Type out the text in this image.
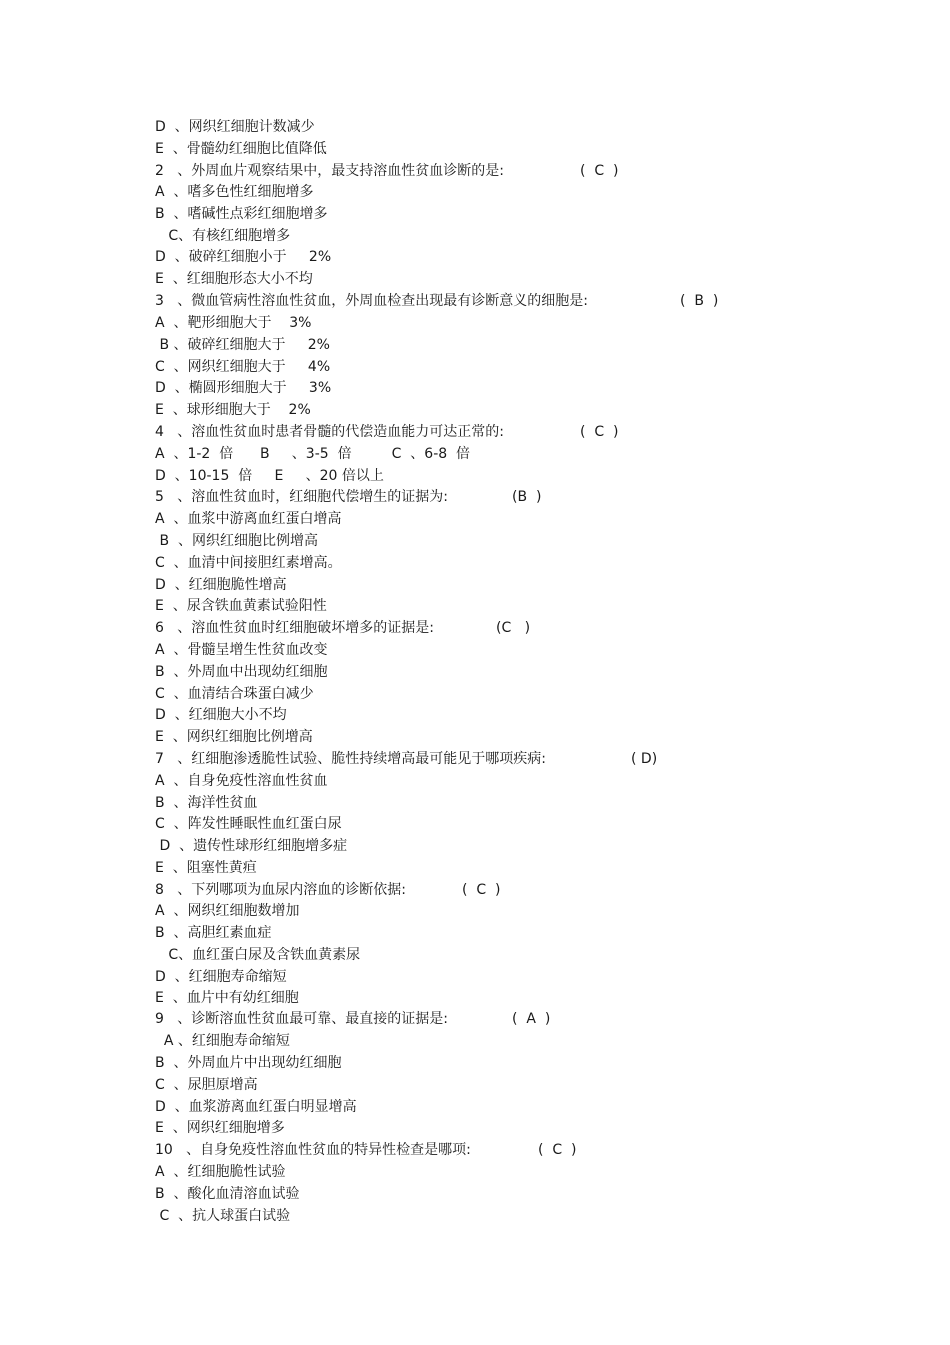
D  、网织红细胞计数减少
E  、骨髓幼红细胞比值降低
2   、外周血片观察结果中，最支持溶血性贫血诊断的是:	(  C  )
A  、嗜多色性红细胞增多
B  、嗜碱性点彩红细胞增多
C、有核红细胞增多
D  、破碎红细胞小于     2%
E  、红细胞形态大小不均
3   、微血管病性溶血性贫血，外周血检查出现最有诊断意义的细胞是:	(  B  )
A  、靶形细胞大于    3%
B 、破碎红细胞大于     2%
C  、网织红细胞大于     4%
D  、椭圆形细胞大于     3%
E  、球形细胞大于    2%
4   、溶血性贫血时患者骨髓的代偿造血能力可达正常的:	(  C  )
A  、1-2  倍      B     、3-5  倍         C  、6-8  倍
D  、10-15  倍     E     、20 倍以上
5   、溶血性贫血时，红细胞代偿增生的证据为:	(B  )
A  、血浆中游离血红蛋白增高
B  、网织红细胞比例增高
C  、血清中间接胆红素增高。
D  、红细胞脆性增高
E  、尿含铁血黄素试验阳性
6   、溶血性贫血时红细胞破坏增多的证据是:	(C   )
A  、骨髓呈增生性贫血改变
B  、外周血中出现幼红细胞
C  、血清结合珠蛋白减少
D  、红细胞大小不均
E  、网织红细胞比例增高
7   、红细胞渗透脆性试验、脆性持续增高最可能见于哪项疾病:	( D)
A  、自身免疫性溶血性贫血
B  、海洋性贫血
C  、阵发性睡眠性血红蛋白尿
D  、遗传性球形红细胞增多症
E  、阻塞性黄疸
8   、下列哪项为血尿内溶血的诊断依据:	(  C  )
A  、网织红细胞数增加
B  、高胆红素血症
C、血红蛋白尿及含铁血黄素尿
D  、红细胞寿命缩短
E  、血片中有幼红细胞
9   、诊断溶血性贫血最可靠、最直接的证据是:	(  A  )
A 、红细胞寿命缩短
B  、外周血片中出现幼红细胞
C  、尿胆原增高
D  、血浆游离血红蛋白明显增高
E  、网织红细胞增多
10   、自身免疫性溶血性贫血的特异性检查是哪项:	(  C  )
A  、红细胞脆性试验
B  、酸化血清溶血试验
C  、抗人球蛋白试验
